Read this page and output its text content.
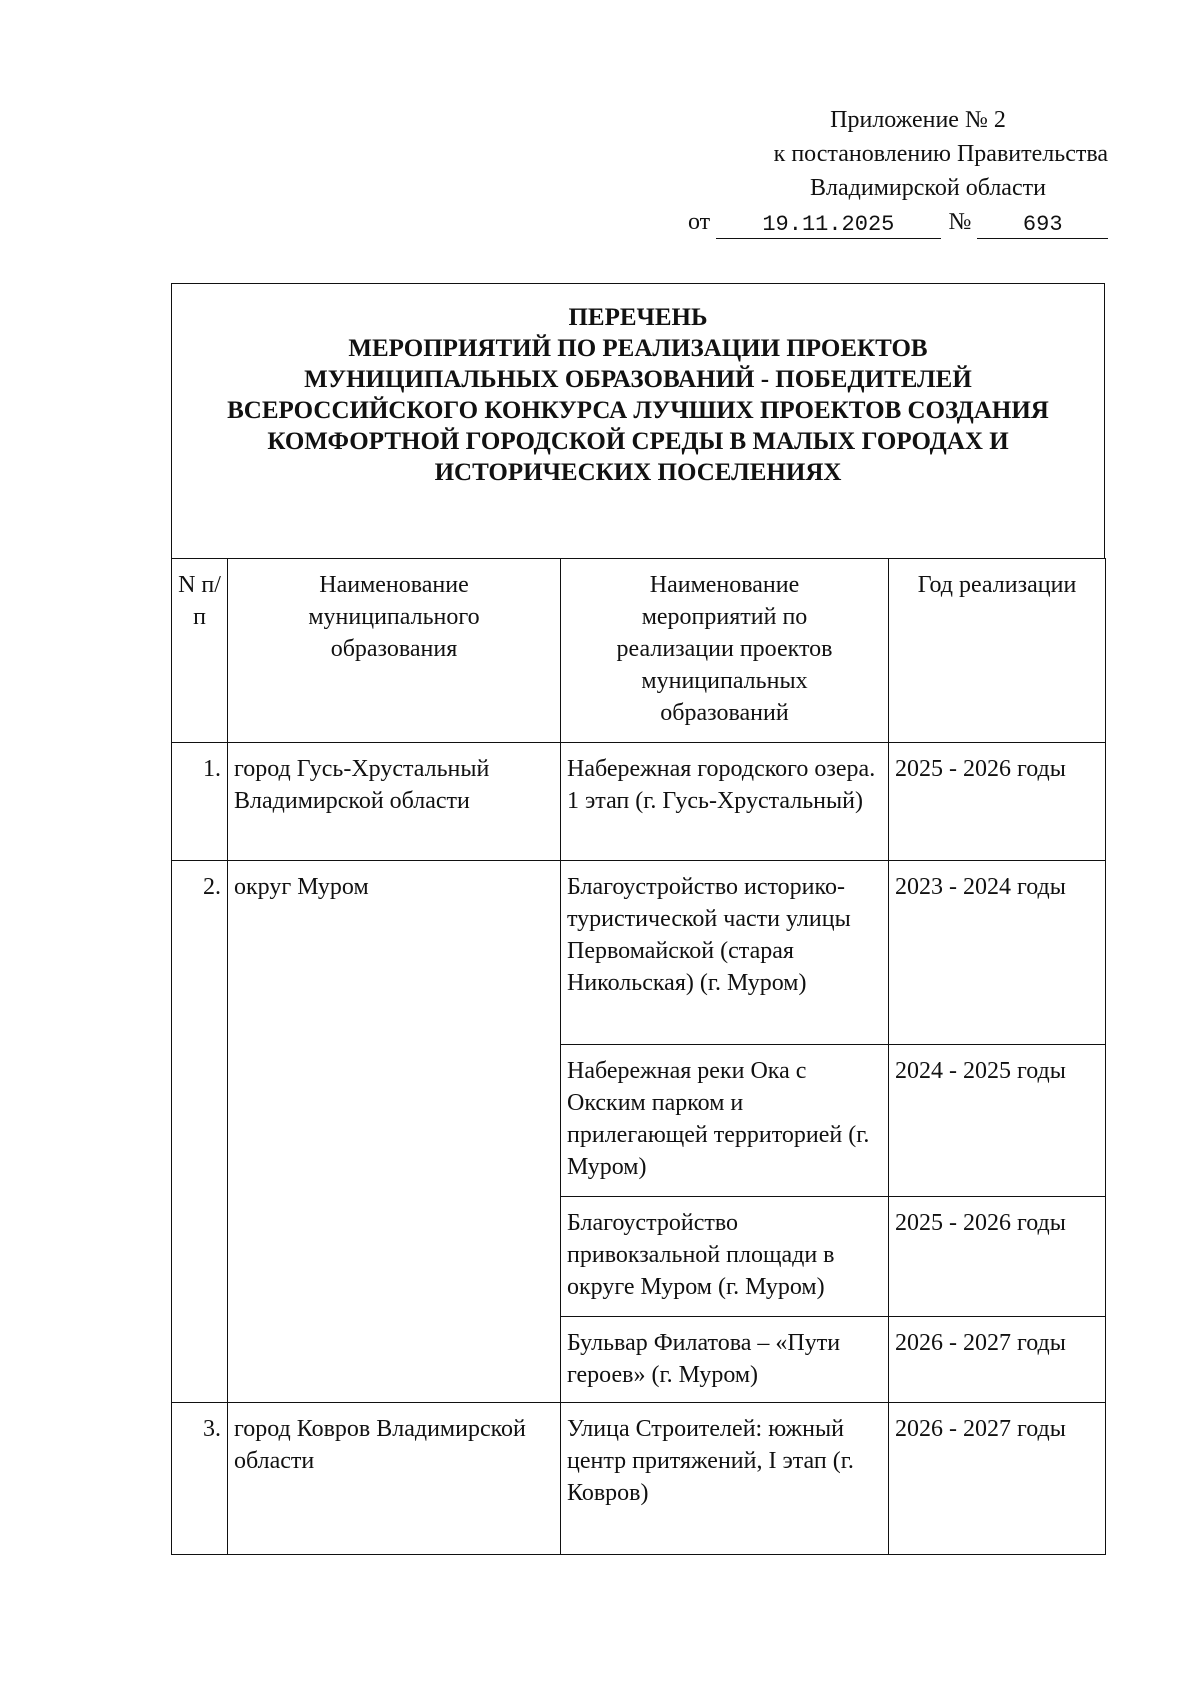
Приложение № 2
к постановлению Правительства
Владимирской области
от	19.11.2025	№	693
ПЕРЕЧЕНЬ
МЕРОПРИЯТИЙ ПО РЕАЛИЗАЦИИ ПРОЕКТОВ
МУНИЦИПАЛЬНЫХ ОБРАЗОВАНИЙ - ПОБЕДИТЕЛЕЙ
ВСЕРОССИЙСКОГО КОНКУРСА ЛУЧШИХ ПРОЕКТОВ СОЗДАНИЯ
КОМФОРТНОЙ ГОРОДСКОЙ СРЕДЫ В МАЛЫХ ГОРОДАХ И
ИСТОРИЧЕСКИХ ПОСЕЛЕНИЯХ
N п/п	Наименование муниципального образования	Наименование мероприятий по реализации проектов муниципальных образований	Год реализации
1.	город Гусь-Хрустальный Владимирской области	Набережная городского озера. 1 этап (г. Гусь-Хрустальный)	2025 - 2026 годы
2.	округ Муром	Благоустройство историко-туристической части улицы Первомайской (старая Никольская) (г. Муром)	2023 - 2024 годы
		Набережная реки Ока с Окским парком и прилегающей территорией (г. Муром)	2024 - 2025 годы
		Благоустройство привокзальной площади в округе Муром (г. Муром)	2025 - 2026 годы
		Бульвар Филатова – «Пути героев» (г. Муром)	2026 - 2027 годы
3.	город Ковров Владимирской области	Улица Строителей: южный центр притяжений, I этап (г. Ковров)	2026 - 2027 годы
